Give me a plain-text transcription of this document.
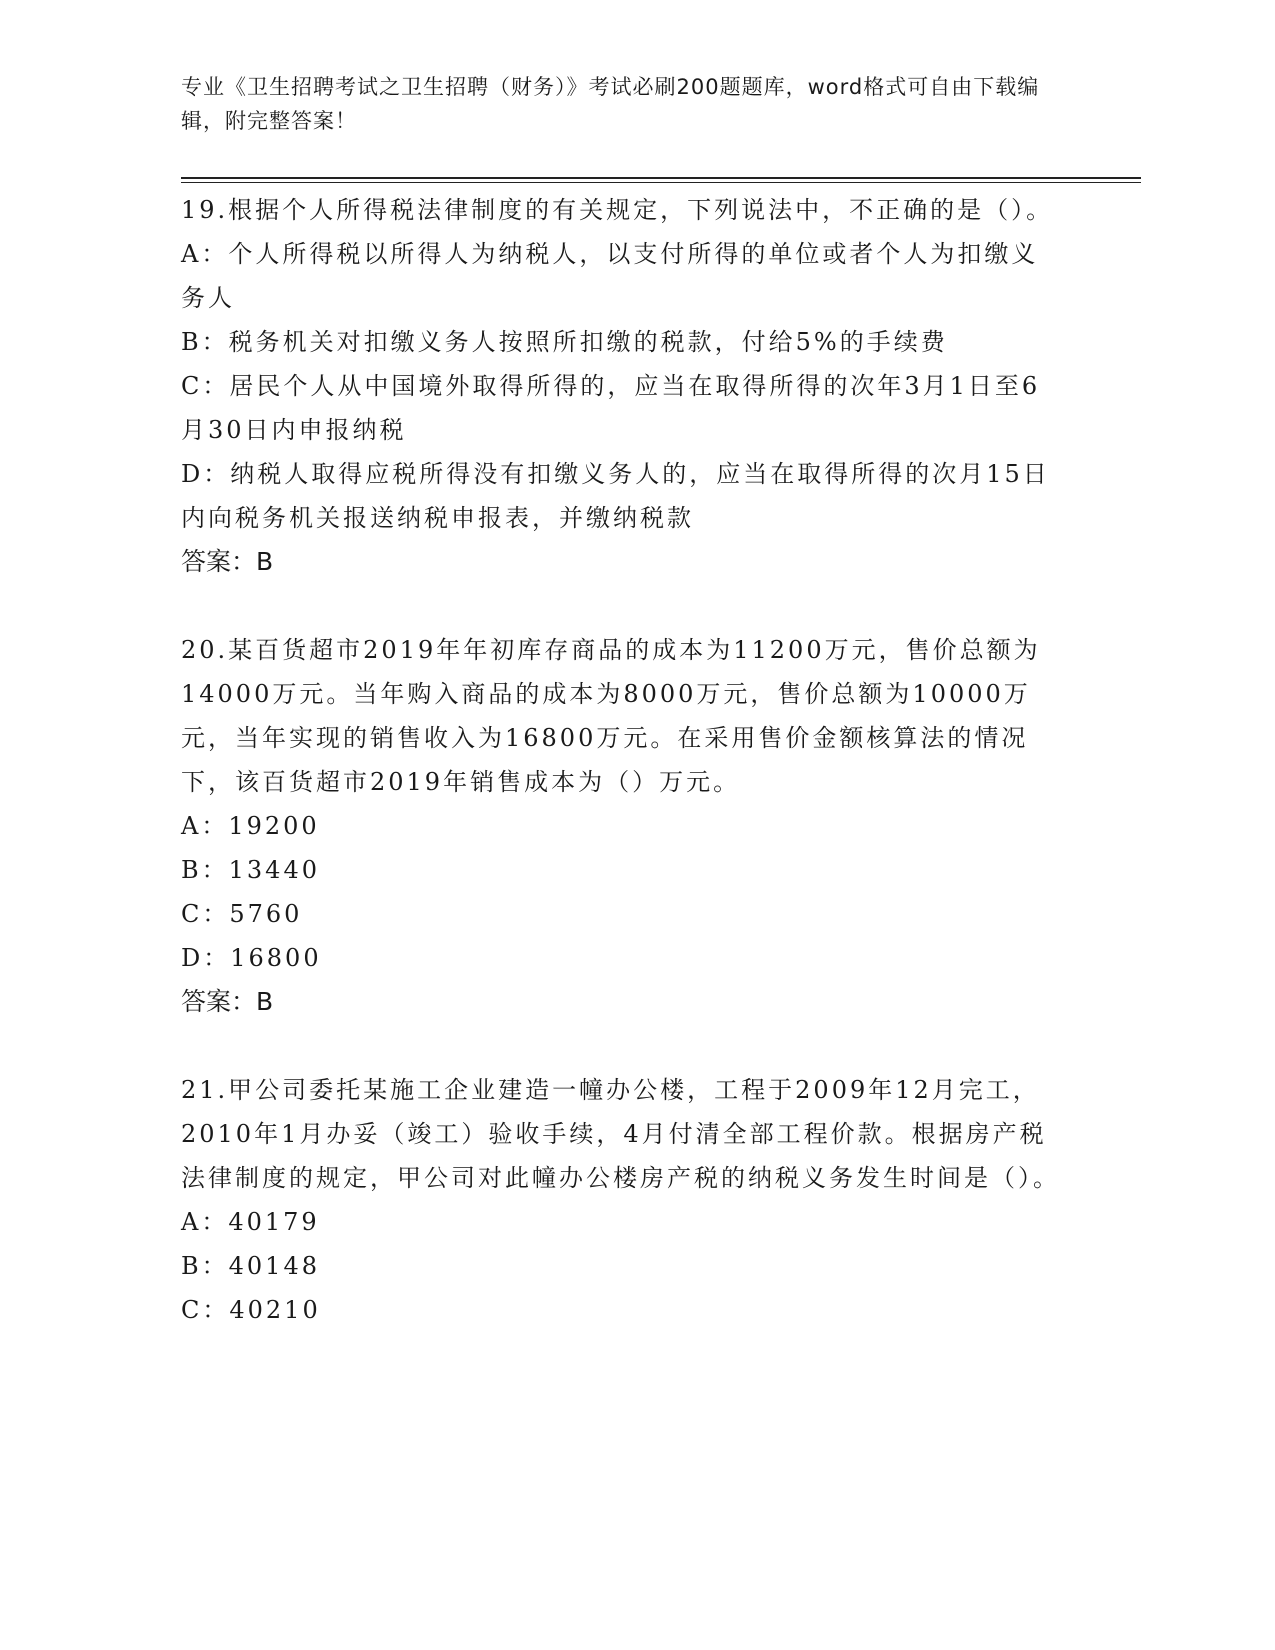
专业《卫生招聘考试之卫生招聘（财务）》考试必刷200题题库，word格式可自由下载编辑，附完整答案！

19.根据个人所得税法律制度的有关规定，下列说法中，不正确的是（）。

A：个人所得税以所得人为纳税人，以支付所得的单位或者个人为扣缴义务人

B：税务机关对扣缴义务人按照所扣缴的税款，付给5%的手续费

C：居民个人从中国境外取得所得的，应当在取得所得的次年3月1日至6月30日内申报纳税

D：纳税人取得应税所得没有扣缴义务人的，应当在取得所得的次月15日内向税务机关报送纳税申报表，并缴纳税款

答案：B

20.某百货超市2019年年初库存商品的成本为11200万元，售价总额为14000万元。当年购入商品的成本为8000万元，售价总额为10000万元，当年实现的销售收入为16800万元。在采用售价金额核算法的情况下，该百货超市2019年销售成本为（）万元。

A：19200

B：13440

C：5760

D：16800

答案：B

21.甲公司委托某施工企业建造一幢办公楼，工程于2009年12月完工，2010年1月办妥（竣工）验收手续，4月付清全部工程价款。根据房产税法律制度的规定，甲公司对此幢办公楼房产税的纳税义务发生时间是（）。

A：40179

B：40148

C：40210
